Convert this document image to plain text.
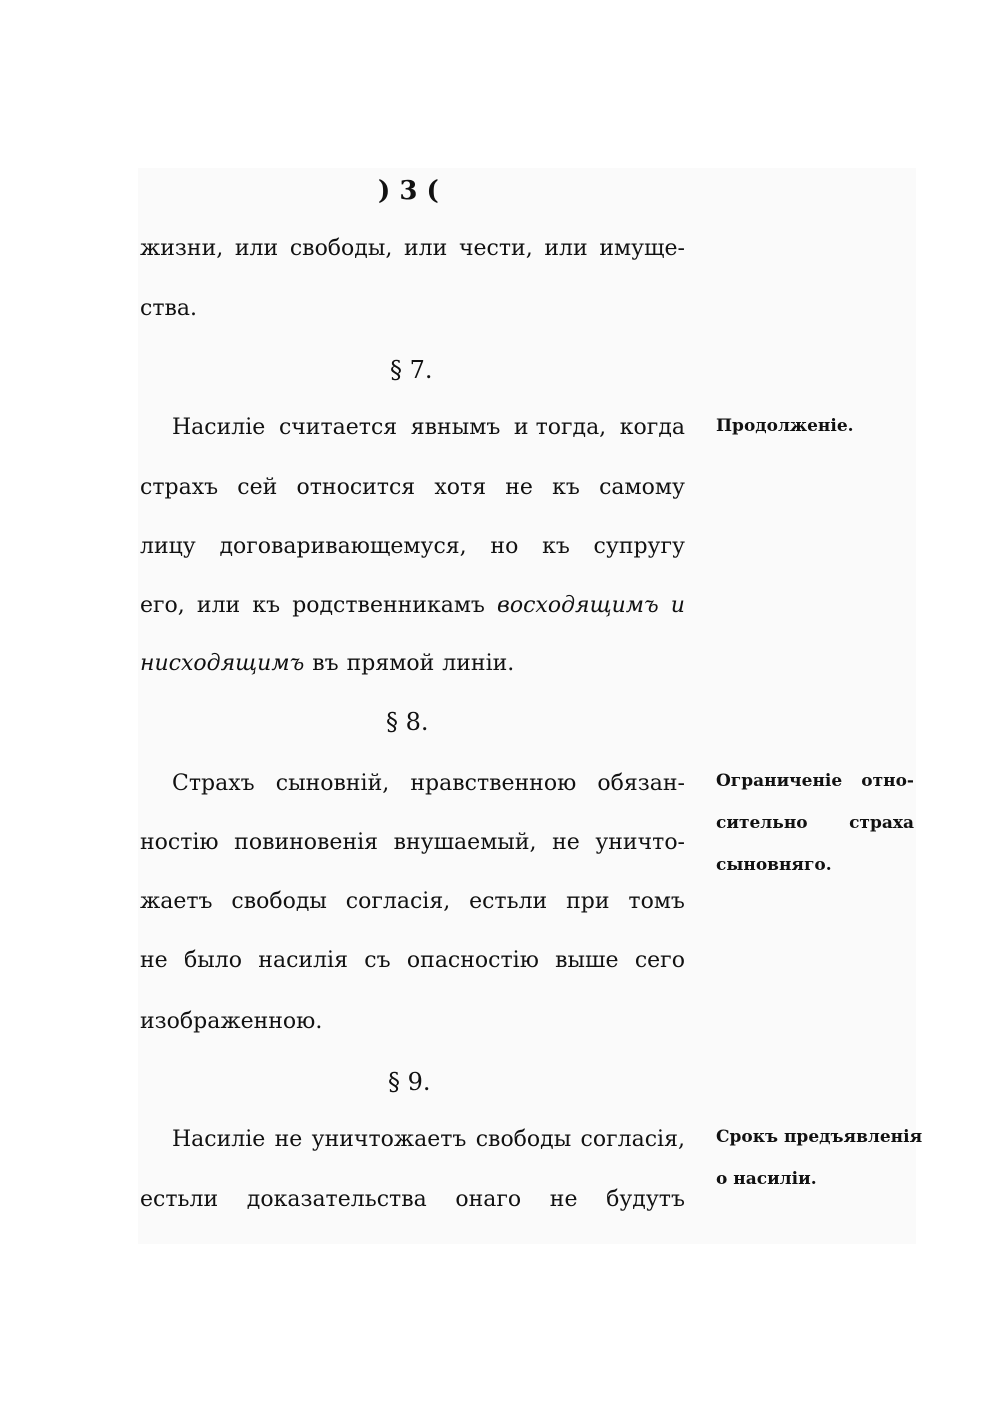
) 3 (
жизни, или свободы, или чести, или имуще-
ства.
§ 7.
Насиліе считается явнымъ и тогда, когда
страхъ сей относится хотя не къ самому
лицу договаривающемуся, но къ супругу
его, или къ родственникамъ восходящимъ и
нисходящимъ въ прямой линіи.
Продолженіе.
§ 8.
Страхъ сыновній, нравственною обязан-
ностію повиновенія внушаемый, не уничто-
жаетъ свободы согласія, естьли при томъ
не было насилія съ опасностію выше сего
изображенною.
Ограниченіе отно-
сительно страха
сыновняго.
§ 9.
Насиліе не уничтожаетъ свободы согласія,
естьли доказательства онаго не будутъ
Срокъ предъявленія
о насиліи.
